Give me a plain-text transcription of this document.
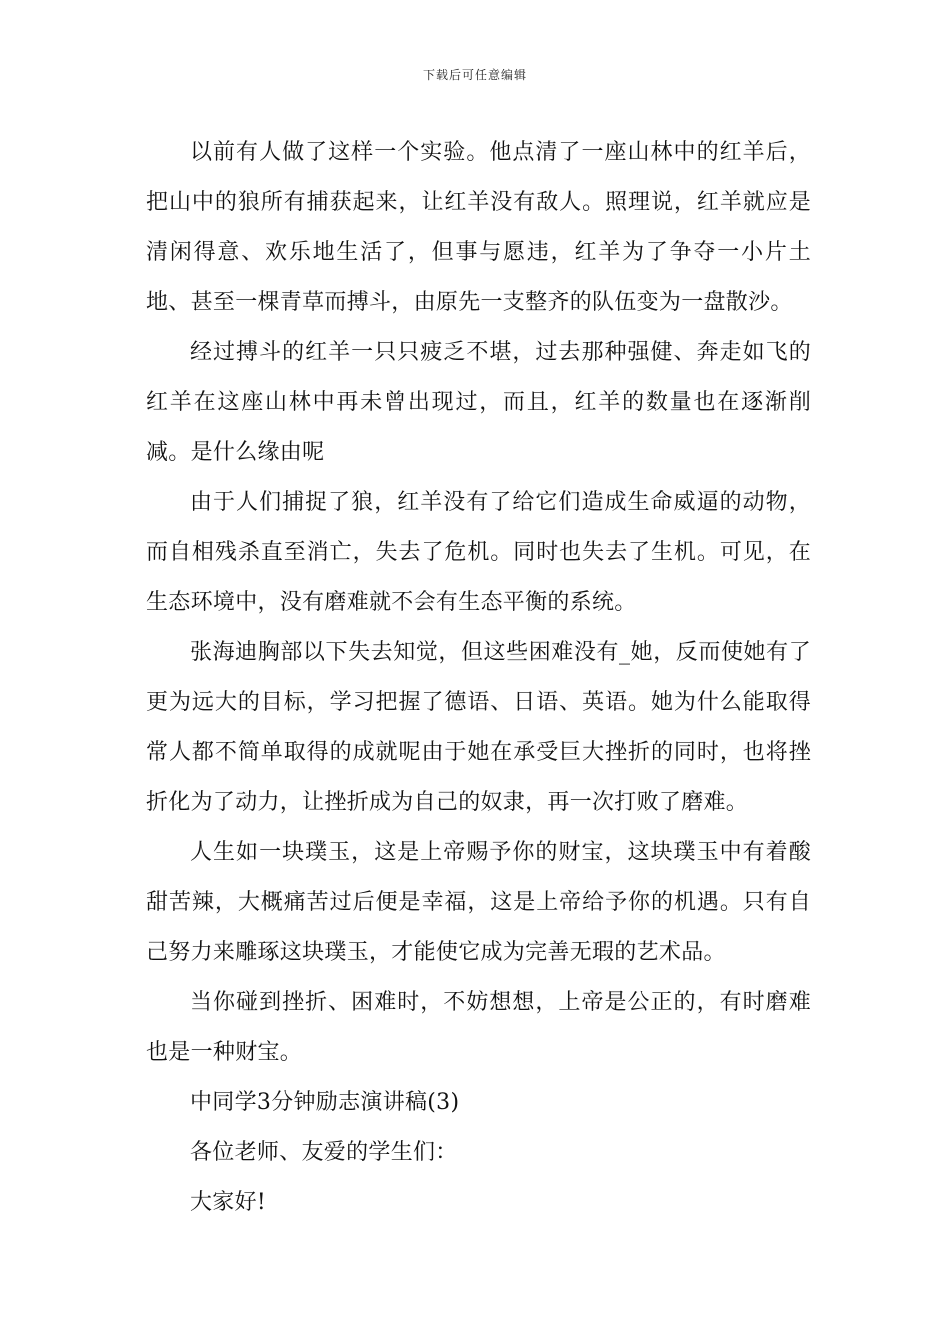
下载后可任意编辑

以前有人做了这样一个实验。他点清了一座山林中的红羊后，把山中的狼所有捕获起来，让红羊没有敌人。照理说，红羊就应是清闲得意、欢乐地生活了，但事与愿违，红羊为了争夺一小片土地、甚至一棵青草而搏斗，由原先一支整齐的队伍变为一盘散沙。

经过搏斗的红羊一只只疲乏不堪，过去那种强健、奔走如飞的红羊在这座山林中再未曾出现过，而且，红羊的数量也在逐渐削减。是什么缘由呢

由于人们捕捉了狼，红羊没有了给它们造成生命威逼的动物，而自相残杀直至消亡，失去了危机。同时也失去了生机。可见，在生态环境中，没有磨难就不会有生态平衡的系统。

张海迪胸部以下失去知觉，但这些困难没有_她，反而使她有了更为远大的目标，学习把握了德语、日语、英语。她为什么能取得常人都不简单取得的成就呢由于她在承受巨大挫折的同时，也将挫折化为了动力，让挫折成为自己的奴隶，再一次打败了磨难。

人生如一块璞玉，这是上帝赐予你的财宝，这块璞玉中有着酸甜苦辣，大概痛苦过后便是幸福，这是上帝给予你的机遇。只有自己努力来雕琢这块璞玉，才能使它成为完善无瑕的艺术品。

当你碰到挫折、困难时，不妨想想，上帝是公正的，有时磨难也是一种财宝。

中同学3分钟励志演讲稿(3)

各位老师、友爱的学生们：

大家好!
